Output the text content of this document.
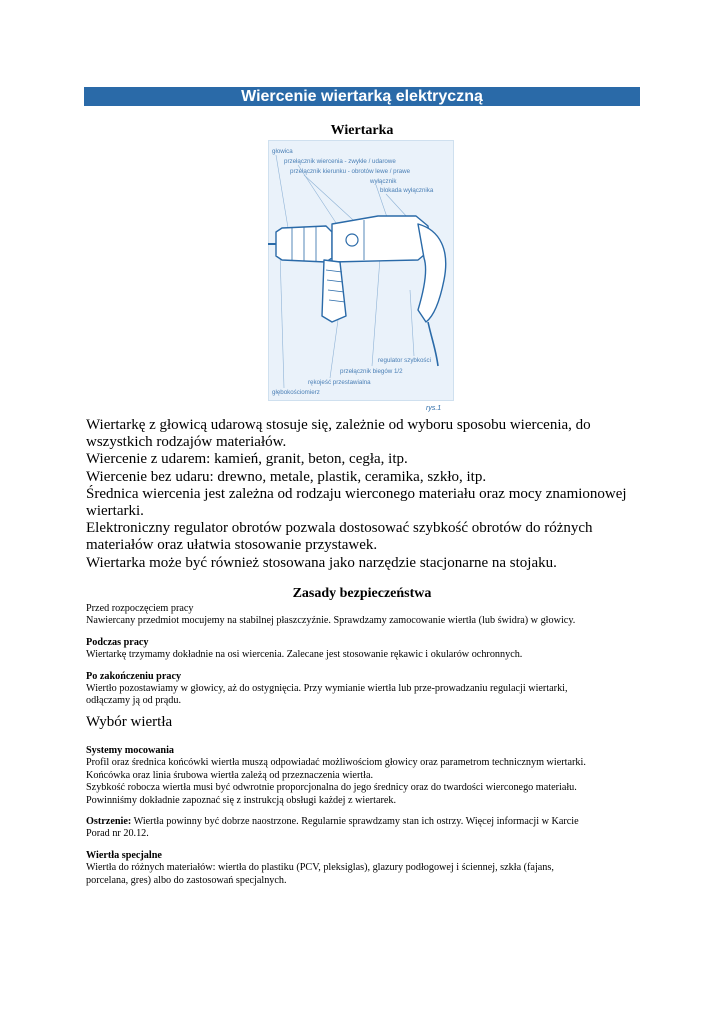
Wiercenie wiertarką elektryczną
Wiertarka
głowica
przełącznik wiercenia - zwykłe / udarowe
przełącznik kierunku - obrotów lewe / prawe
wyłącznik
blokada wyłącznika
regulator szybkości
przełącznik biegów 1/2
rękojeść przestawialna
głębokościomierz
rys.1

Wiertarkę z głowicą udarową stosuje się, zależnie od wyboru sposobu wiercenia, do

wszystkich rodzajów materiałów.

Wiercenie z udarem: kamień, granit, beton, cegła, itp.

Wiercenie bez udaru: drewno, metale, plastik, ceramika, szkło, itp.

Średnica wiercenia jest zależna od rodzaju wierconego materiału oraz mocy znamionowej

wiertarki.

Elektroniczny regulator obrotów pozwala dostosować szybkość obrotów do różnych

materiałów oraz ułatwia stosowanie przystawek.

Wiertarka może być również stosowana jako narzędzie stacjonarne na stojaku.

Zasady bezpieczeństwa

Przed rozpoczęciem pracy

Nawiercany przedmiot mocujemy na stabilnej płaszczyźnie. Sprawdzamy zamocowanie wiertła (lub świdra) w głowicy.

Podczas pracy

Wiertarkę trzymamy dokładnie na osi wiercenia. Zalecane jest stosowanie rękawic i okularów ochronnych.

Po zakończeniu pracy

Wiertło pozostawiamy w głowicy, aż do ostygnięcia. Przy wymianie wiertła lub prze-prowadzaniu regulacji wiertarki,

odłączamy ją od prądu.

Wybór wiertła

Systemy mocowania

Profil oraz średnica końcówki wiertła muszą odpowiadać możliwościom głowicy oraz parametrom technicznym wiertarki.

Końcówka oraz linia śrubowa wiertła zależą od przeznaczenia wiertła.

Szybkość robocza wiertła musi być odwrotnie proporcjonalna do jego średnicy oraz do twardości wierconego materiału.

Powinniśmy dokładnie zapoznać się z instrukcją obsługi każdej z wiertarek.

Ostrzenie: Wiertła powinny być dobrze naostrzone. Regularnie sprawdzamy stan ich ostrzy. Więcej informacji w Karcie

Porad nr 20.12.

Wiertła specjalne

Wiertła do różnych materiałów: wiertła do plastiku (PCV, pleksiglas), glazury podłogowej i ściennej, szkła (fajans,

porcelana, gres) albo do zastosowań specjalnych.
